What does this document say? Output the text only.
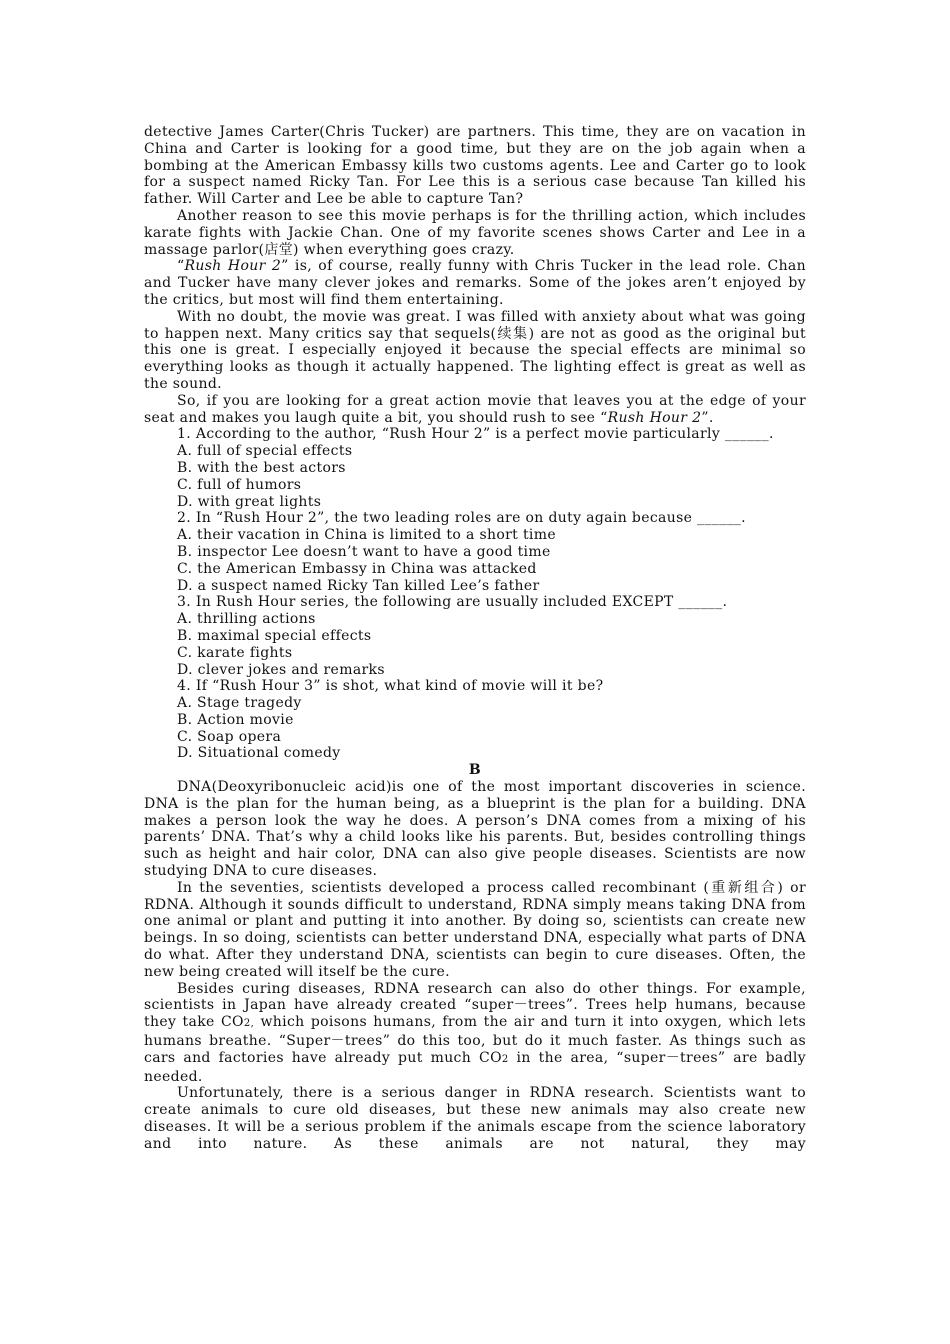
detective James Carter(Chris Tucker) are partners. This time, they are on vacation in China and Carter is looking for a good time, but they are on the job again when a bombing at the American Embassy kills two customs agents. Lee and Carter go to look for a suspect named Ricky Tan. For Lee this is a serious case because Tan killed his father. Will Carter and Lee be able to capture Tan?

Another reason to see this movie perhaps is for the thrilling action, which includes karate fights with Jackie Chan. One of my favorite scenes shows Carter and Lee in a massage parlor(店堂) when everything goes crazy.

“Rush Hour 2” is, of course, really funny with Chris Tucker in the lead role. Chan and Tucker have many clever jokes and remarks. Some of the jokes aren’t enjoyed by the critics, but most will find them entertaining.

With no doubt, the movie was great. I was filled with anxiety about what was going to happen next. Many critics say that sequels(续集) are not as good as the original but this one is great. I especially enjoyed it because the special effects are minimal so everything looks as though it actually happened. The lighting effect is great as well as the sound.

So, if you are looking for a great action movie that leaves you at the edge of your seat and makes you laugh quite a bit, you should rush to see “Rush Hour 2”.

1. According to the author, “Rush Hour 2” is a perfect movie particularly ______.

A. full of special effects

B. with the best actors

C. full of humors

D. with great lights

2. In “Rush Hour 2”, the two leading roles are on duty again because ______.

A. their vacation in China is limited to a short time

B. inspector Lee doesn’t want to have a good time

C. the American Embassy in China was attacked

D. a suspect named Ricky Tan killed Lee’s father

3. In Rush Hour series, the following are usually included EXCEPT ______.

A. thrilling actions

B. maximal special effects

C. karate fights

D. clever jokes and remarks

4. If “Rush Hour 3” is shot, what kind of movie will it be?

A. Stage tragedy

B. Action movie

C. Soap opera

D. Situational comedy

B

DNA(Deoxyribonucleic acid)is one of the most important discoveries in science. DNA is the plan for the human being, as a blueprint is the plan for a building. DNA makes a person look the way he does. A person’s DNA comes from a mixing of his parents’ DNA. That’s why a child looks like his parents. But, besides controlling things such as height and hair color, DNA can also give people diseases. Scientists are now studying DNA to cure diseases.

In the seventies, scientists developed a process called recombinant (重新组合) or RDNA. Although it sounds difficult to understand, RDNA simply means taking DNA from one animal or plant and putting it into another. By doing so, scientists can create new beings. In so doing, scientists can better understand DNA, especially what parts of DNA do what. After they understand DNA, scientists can begin to cure diseases. Often, the new being created will itself be the cure.

Besides curing diseases, RDNA research can also do other things. For example, scientists in Japan have already created “super－trees”. Trees help humans, because they take CO2, which poisons humans, from the air and turn it into oxygen, which lets humans breathe. “Super－trees” do this too, but do it much faster. As things such as cars and factories have already put much CO2 in the area, “super－trees” are badly needed.

Unfortunately, there is a serious danger in RDNA research. Scientists want to create animals to cure old diseases, but these new animals may also create new diseases. It will be a serious problem if the animals escape from the science laboratory and into nature. As these animals are not natural, they may
